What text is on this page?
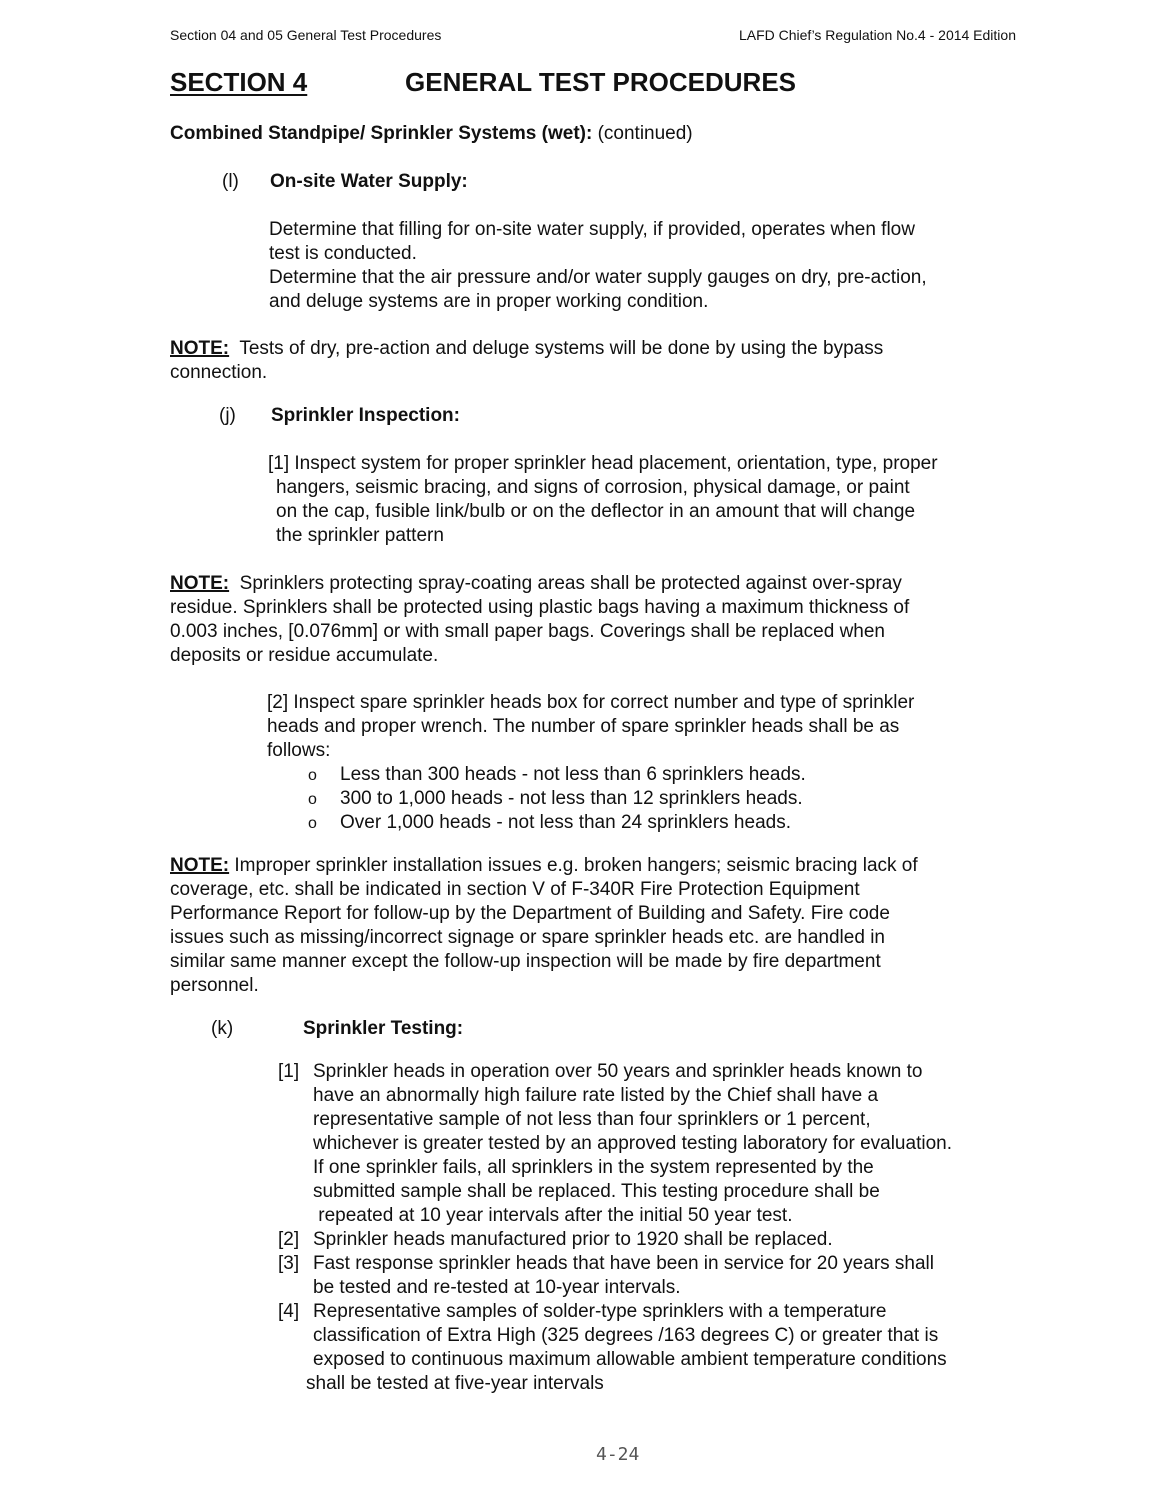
Section 04 and 05 General Test Procedures	LAFD Chief’s Regulation No.4 - 2014 Edition
SECTION 4	GENERAL TEST PROCEDURES
Combined Standpipe/ Sprinkler Systems (wet): (continued)
(l) On-site Water Supply:
Determine that filling for on-site water supply, if provided, operates when flow
test is conducted.
Determine that the air pressure and/or water supply gauges on dry, pre-action,
and deluge systems are in proper working condition.
NOTE: Tests of dry, pre-action and deluge systems will be done by using the bypass
connection.
(j) Sprinkler Inspection:
[1] Inspect system for proper sprinkler head placement, orientation, type, proper
hangers, seismic bracing, and signs of corrosion, physical damage, or paint
on the cap, fusible link/bulb or on the deflector in an amount that will change
the sprinkler pattern
NOTE: Sprinklers protecting spray-coating areas shall be protected against over-spray
residue. Sprinklers shall be protected using plastic bags having a maximum thickness of
0.003 inches, [0.076mm] or with small paper bags. Coverings shall be replaced when
deposits or residue accumulate.
[2] Inspect spare sprinkler heads box for correct number and type of sprinkler
heads and proper wrench. The number of spare sprinkler heads shall be as
follows:
o Less than 300 heads - not less than 6 sprinklers heads.
o 300 to 1,000 heads - not less than 12 sprinklers heads.
o Over 1,000 heads - not less than 24 sprinklers heads.
NOTE: Improper sprinkler installation issues e.g. broken hangers; seismic bracing lack of
coverage, etc. shall be indicated in section V of F-340R Fire Protection Equipment
Performance Report for follow-up by the Department of Building and Safety. Fire code
issues such as missing/incorrect signage or spare sprinkler heads etc. are handled in
similar same manner except the follow-up inspection will be made by fire department
personnel.
(k)	Sprinkler Testing:
[1] Sprinkler heads in operation over 50 years and sprinkler heads known to
have an abnormally high failure rate listed by the Chief shall have a
representative sample of not less than four sprinklers or 1 percent,
whichever is greater tested by an approved testing laboratory for evaluation.
If one sprinkler fails, all sprinklers in the system represented by the
submitted sample shall be replaced. This testing procedure shall be
repeated at 10 year intervals after the initial 50 year test.
[2] Sprinkler heads manufactured prior to 1920 shall be replaced.
[3] Fast response sprinkler heads that have been in service for 20 years shall
be tested and re-tested at 10-year intervals.
[4] Representative samples of solder-type sprinklers with a temperature
classification of Extra High (325 degrees /163 degrees C) or greater that is
exposed to continuous maximum allowable ambient temperature conditions
shall be tested at five-year intervals
4-24
